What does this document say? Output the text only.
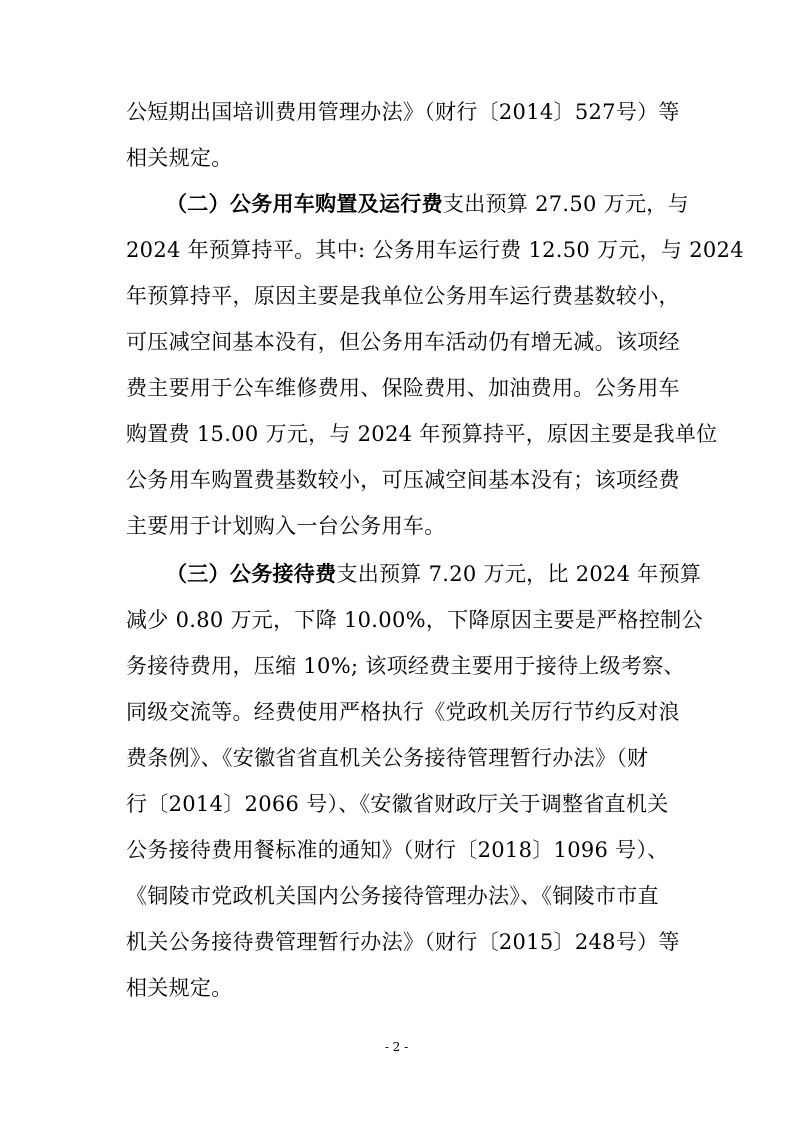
公短期出国培训费用管理办法》（财行〔2014〕527号）等
相关规定。
（二）公务用车购置及运行费支出预算 27.50 万元，与
2024 年预算持平。其中: 公务用车运行费 12.50 万元，与 2024
年预算持平，原因主要是我单位公务用车运行费基数较小，
可压减空间基本没有，但公务用车活动仍有增无减。该项经
费主要用于公车维修费用、保险费用、加油费用。公务用车
购置费 15.00 万元，与 2024 年预算持平，原因主要是我单位
公务用车购置费基数较小，可压减空间基本没有；该项经费
主要用于计划购入一台公务用车。
（三）公务接待费支出预算 7.20 万元，比 2024 年预算
减少 0.80 万元，下降 10.00%，下降原因主要是严格控制公
务接待费用，压缩 10%; 该项经费主要用于接待上级考察、
同级交流等。经费使用严格执行《党政机关厉行节约反对浪
费条例》、《安徽省省直机关公务接待管理暂行办法》（财
行〔2014〕2066 号）、《安徽省财政厅关于调整省直机关
公务接待费用餐标准的通知》（财行〔2018〕1096 号）、
《铜陵市党政机关国内公务接待管理办法》、《铜陵市市直
机关公务接待费管理暂行办法》（财行〔2015〕248号）等
相关规定。
- 2 -
